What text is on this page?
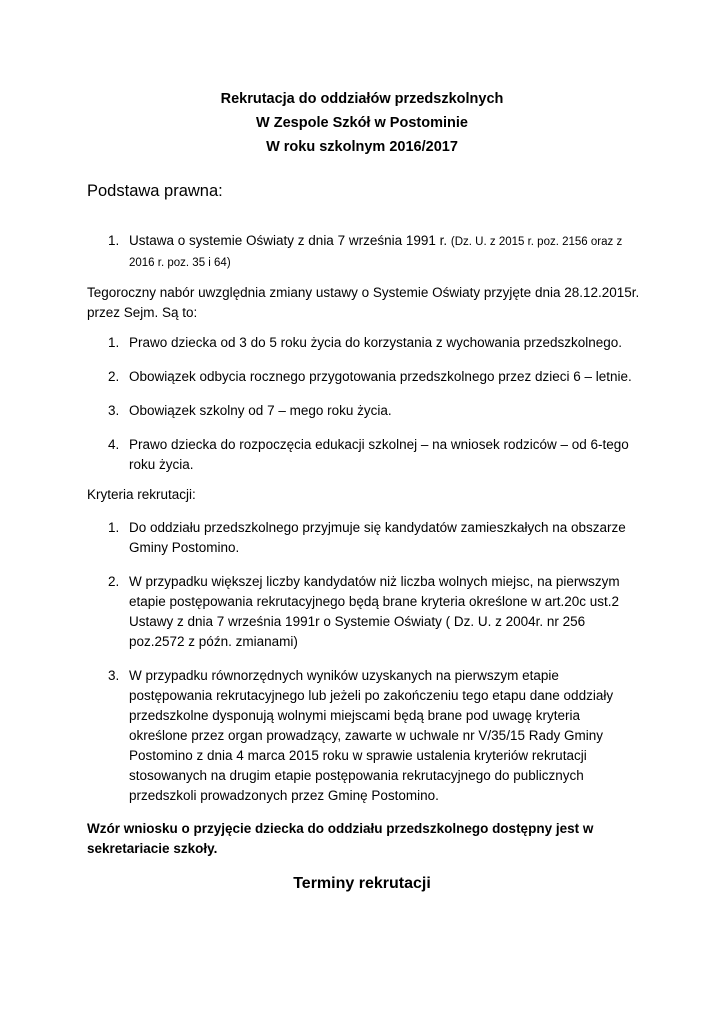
Rekrutacja do oddziałów przedszkolnych
W Zespole Szkół w Postominie
W roku szkolnym 2016/2017
Podstawa prawna:
1. Ustawa o systemie Oświaty z dnia 7 września 1991 r. (Dz. U. z 2015 r. poz. 2156 oraz z 2016 r. poz. 35 i 64)
Tegoroczny nabór uwzględnia zmiany ustawy o Systemie Oświaty przyjęte dnia 28.12.2015r. przez Sejm. Są to:
1. Prawo dziecka od 3 do 5 roku życia do korzystania z wychowania przedszkolnego.
2. Obowiązek odbycia rocznego przygotowania przedszkolnego przez dzieci 6 – letnie.
3. Obowiązek szkolny od 7 – mego roku życia.
4. Prawo dziecka do rozpoczęcia edukacji szkolnej – na wniosek rodziców – od 6-tego roku życia.
Kryteria rekrutacji:
1. Do oddziału przedszkolnego przyjmuje się kandydatów zamieszkałych na obszarze Gminy Postomino.
2. W przypadku większej liczby kandydatów niż liczba wolnych miejsc, na pierwszym etapie postępowania rekrutacyjnego będą brane kryteria określone w art.20c ust.2 Ustawy z dnia 7 września 1991r o Systemie Oświaty ( Dz. U. z 2004r. nr 256 poz.2572 z późn. zmianami)
3. W przypadku równorzędnych wyników uzyskanych na pierwszym etapie postępowania rekrutacyjnego lub jeżeli po zakończeniu tego etapu dane oddziały przedszkolne dysponują wolnymi miejscami będą brane pod uwagę kryteria określone przez organ prowadzący, zawarte w uchwale nr V/35/15 Rady Gminy Postomino z dnia 4 marca 2015 roku w sprawie ustalenia kryteriów rekrutacji stosowanych na drugim etapie postępowania rekrutacyjnego do publicznych przedszkoli prowadzonych przez Gminę Postomino.
Wzór wniosku o przyjęcie dziecka do oddziału przedszkolnego dostępny jest w sekretariacie szkoły.
Terminy rekrutacji
